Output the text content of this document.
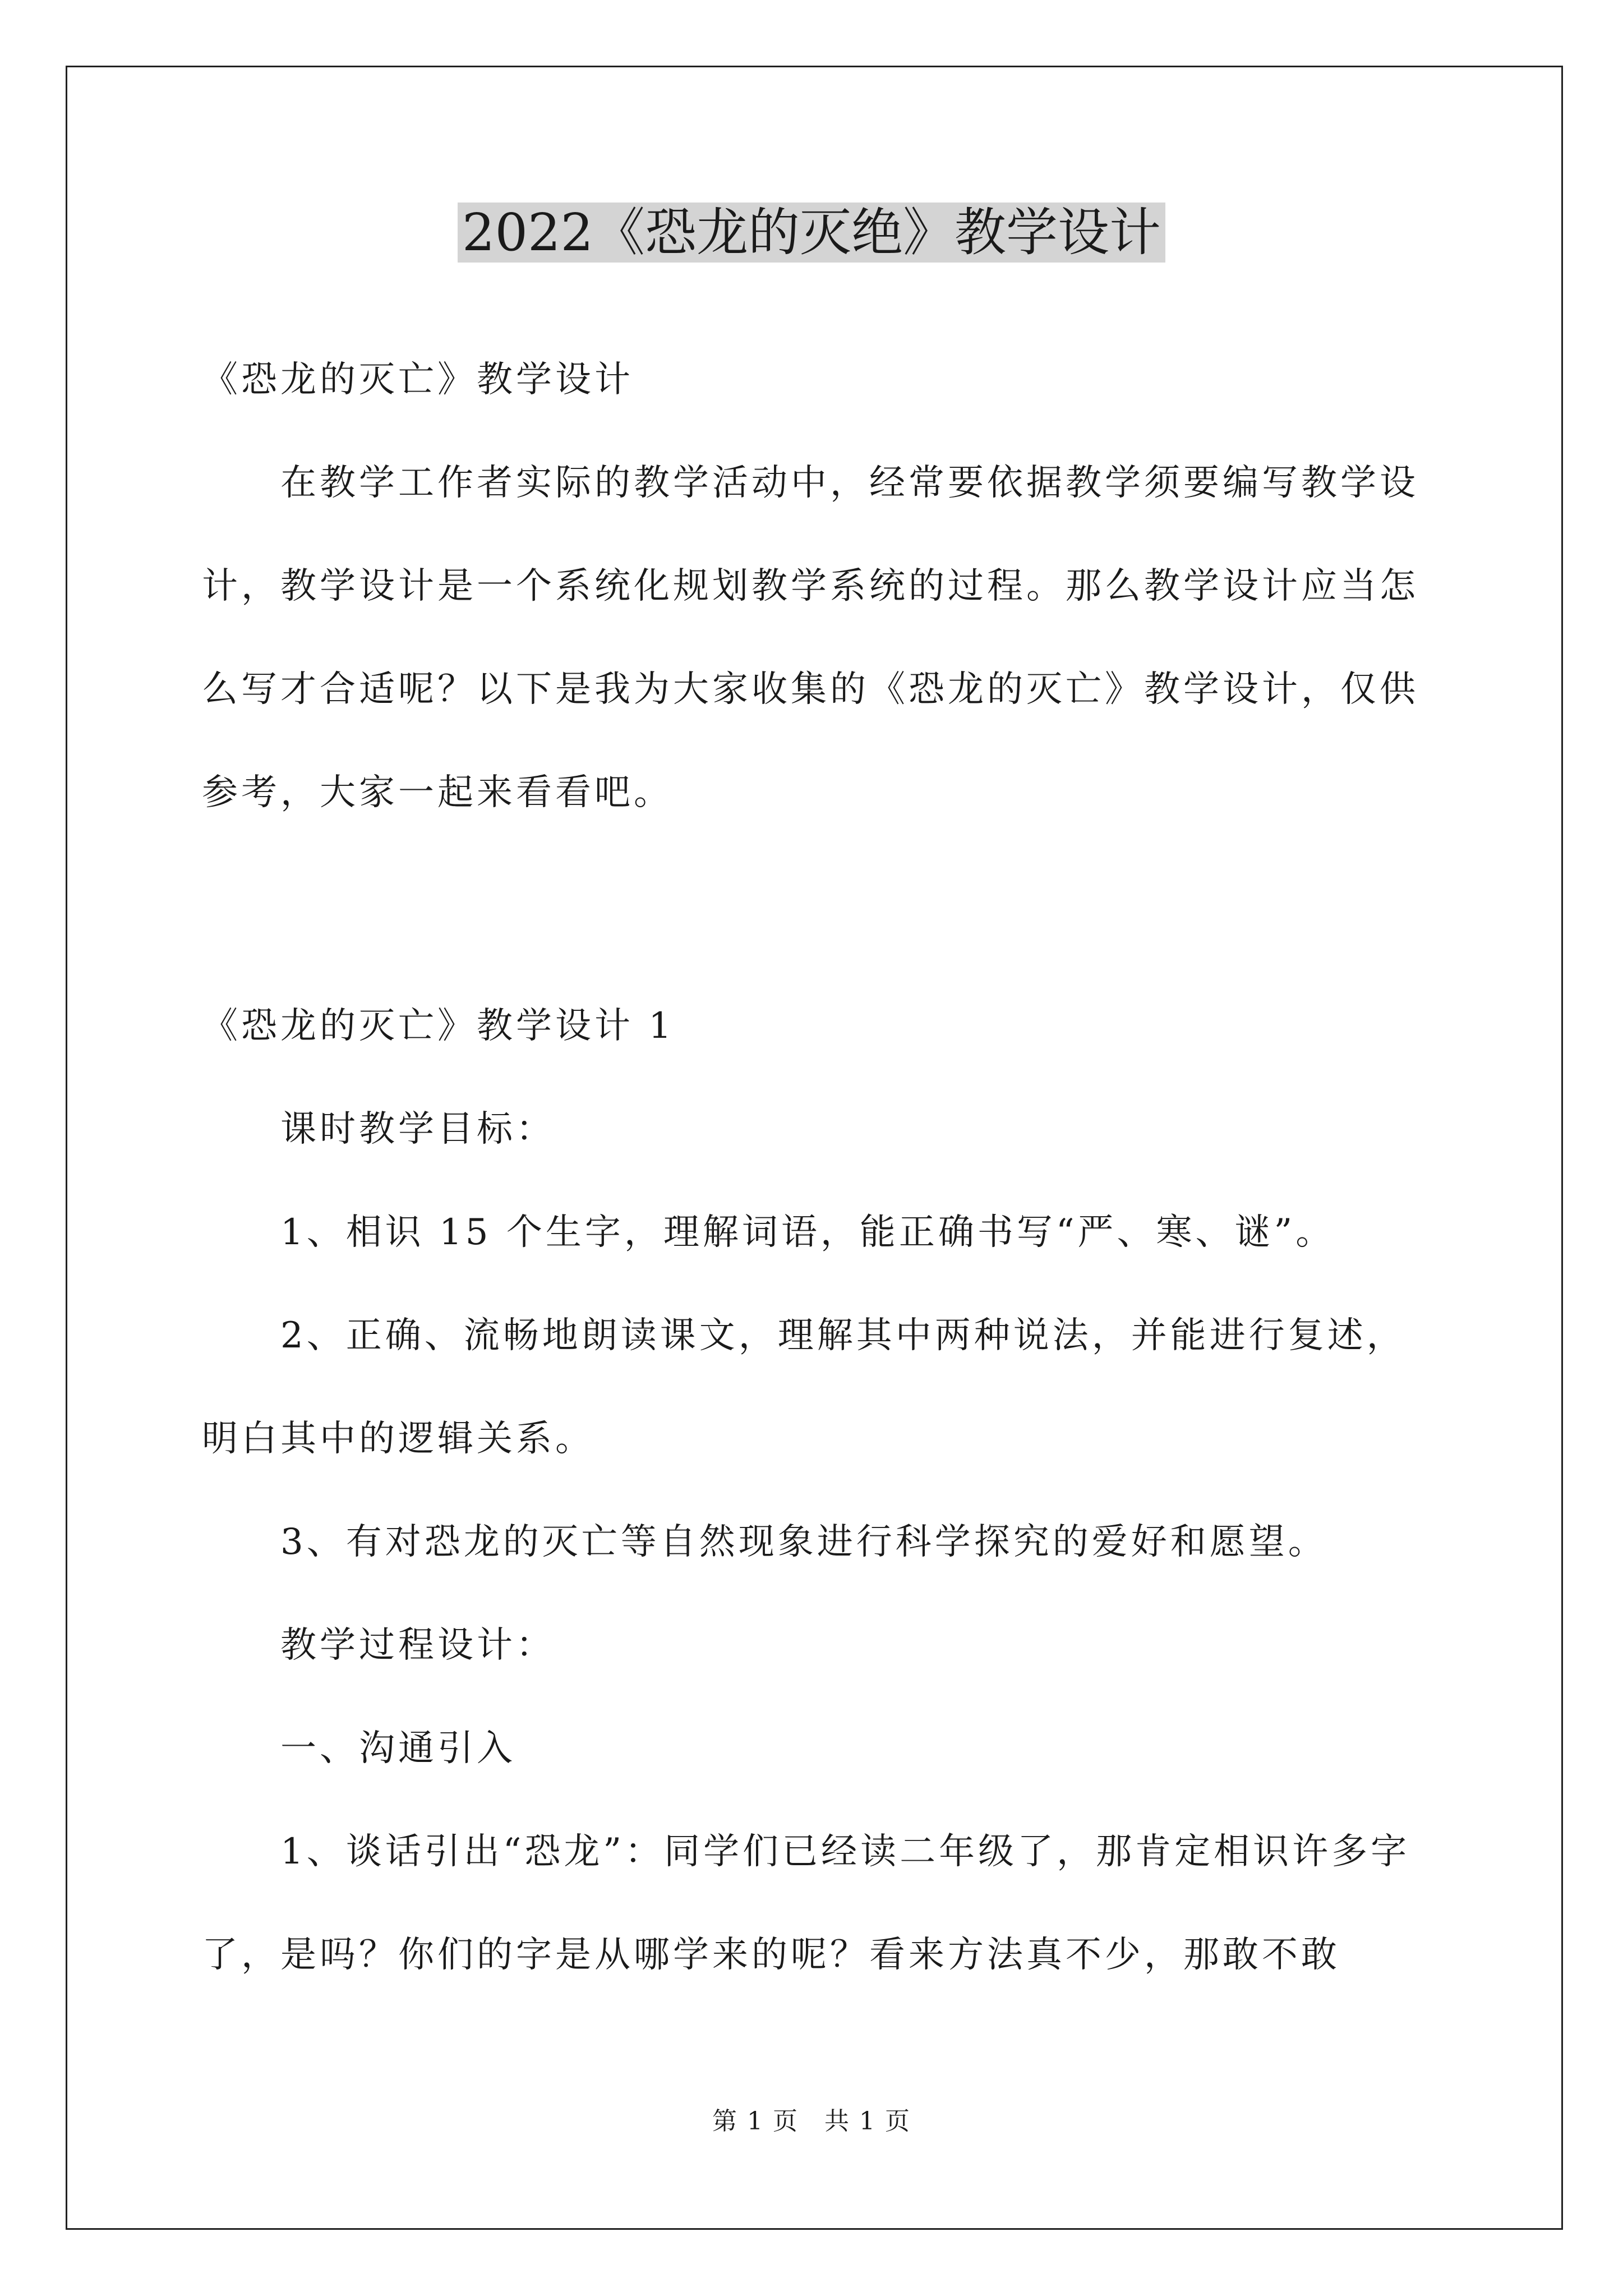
2022《恐龙的灭绝》教学设计

《恐龙的灭亡》教学设计

在教学工作者实际的教学活动中，经常要依据教学须要编写教学设计，教学设计是一个系统化规划教学系统的过程。那么教学设计应当怎么写才合适呢？以下是我为大家收集的《恐龙的灭亡》教学设计，仅供参考，大家一起来看看吧。

《恐龙的灭亡》教学设计 1

课时教学目标：

1、相识 15 个生字，理解词语，能正确书写“严、寒、谜”。

2、正确、流畅地朗读课文，理解其中两种说法，并能进行复述，明白其中的逻辑关系。

3、有对恐龙的灭亡等自然现象进行科学探究的爱好和愿望。

教学过程设计：

一、沟通引入

1、谈话引出“恐龙”：同学们已经读二年级了，那肯定相识许多字了，是吗？你们的字是从哪学来的呢？看来方法真不少，那敢不敢

第 1 页　共 1 页
